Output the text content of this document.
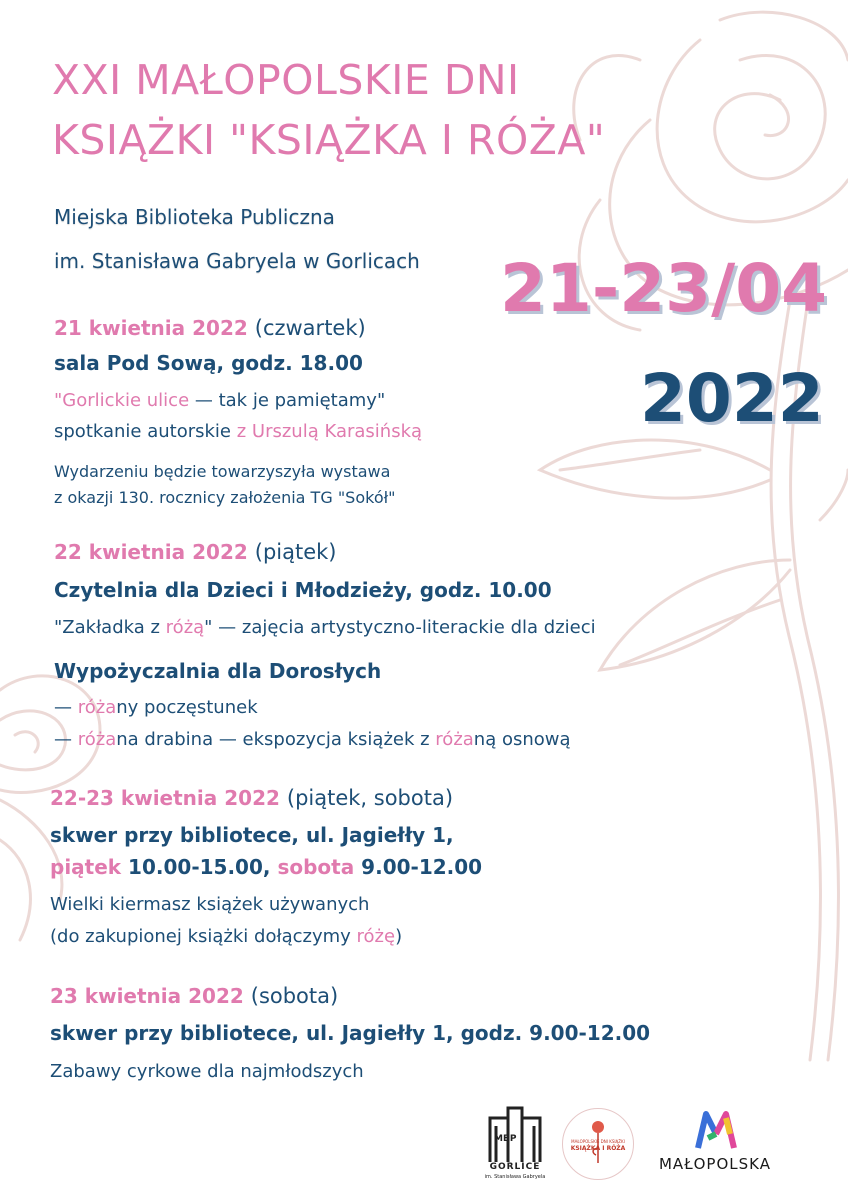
XXI MAŁOPOLSKIE DNI
KSIĄŻKI "KSIĄŻKA I RÓŻA"
Miejska Biblioteka Publiczna
im. Stanisława Gabryela w Gorlicach 21-23/04
2022
21 kwietnia 2022 (czwartek)
sala Pod Sową, godz. 18.00
"Gorlickie ulice — tak je pamiętamy"
spotkanie autorskie z Urszulą Karasińską
Wydarzeniu będzie towarzyszyła wystawa
z okazji 130. rocznicy założenia TG "Sokół"
22 kwietnia 2022 (piątek)
Czytelnia dla Dzieci i Młodzieży, godz. 10.00
"Zakładka z różą" — zajęcia artystyczno-literackie dla dzieci
Wypożyczalnia dla Dorosłych
— różany poczęstunek
— różana drabina — ekspozycja książek z różaną osnową
22-23 kwietnia 2022 (piątek, sobota)
skwer przy bibliotece, ul. Jagiełły 1,
piątek 10.00-15.00, sobota 9.00-12.00
Wielki kiermasz książek używanych
(do zakupionej książki dołączymy różę)
23 kwietnia 2022 (sobota)
skwer przy bibliotece, ul. Jagiełły 1, godz. 9.00-12.00
Zabawy cyrkowe dla najmłodszych
MBP
GORLICE
im. Stanisława Gabryela
MAŁOPOLSKIE DNI KSIĄŻKI
KSIĄŻKA I RÓŻA
MAŁOPOLSKA
